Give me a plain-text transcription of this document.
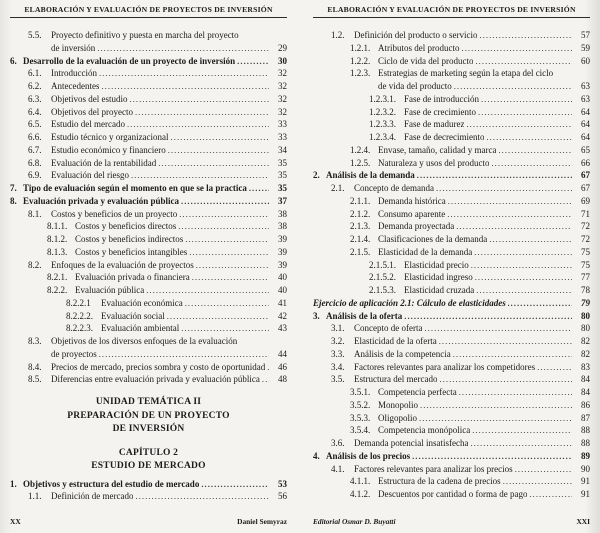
ELABORACIÓN Y EVALUACIÓN DE PROYECTOS DE INVERSIÓN
5.5.	Proyecto definitivo y puesta en marcha del proyecto
de inversión .....	29
6. Desarrollo de la evaluación de un proyecto de inversión .....	30
6.1.	Introducción .....	32
6.2.	Antecedentes .....	32
6.3.	Objetivos del estudio .....	32
6.4.	Objetivos del proyecto .....	32
6.5.	Estudio del mercado .....	33
6.6.	Estudio técnico y organizacional .....	33
6.7.	Estudio económico y financiero .....	34
6.8.	Evaluación de la rentabilidad .....	35
6.9.	Evaluación del riesgo .....	35
7. Tipo de evaluación según el momento en que se la practica .....	35
8. Evaluación privada y evaluación pública .....	37
8.1.	Costos y beneficios de un proyecto .....	38
8.1.1. Costos y beneficios directos .....	38
8.1.2. Costos y beneficios indirectos .....	39
8.1.3. Costos y beneficios intangibles .....	39
8.2.	Enfoques de la evaluación de proyectos .....	39
8.2.1. Evaluación privada o financiera .....	40
8.2.2. Evaluación pública .....	40
8.2.2.1	Evaluación económica .....	41
8.2.2.2. Evaluación social .....	42
8.2.2.3. Evaluación ambiental .....	43
8.3.	Objetivos de los diversos enfoques de la evaluación
de proyectos .....	44
8.4.	Precios de mercado, precios sombra y costo de oportunidad .....	46
8.5.	Diferencias entre evaluación privada y evaluación pública .....	48
XX	Daniel Semyraz
UNIDAD TEMÁTICA II
PREPARACIÓN DE UN PROYECTO
DE INVERSIÓN
CAPÍTULO 2
ESTUDIO DE MERCADO
1. Objetivos y estructura del estudio de mercado .....	53
1.1.	Definición de mercado .....	56
ELABORACIÓN Y EVALUACIÓN DE PROYECTOS DE INVERSIÓN
1.2.	Definición del producto o servicio .....	57
1.2.1. Atributos del producto .....	59
1.2.2. Ciclo de vida del producto .....	60
1.2.3. Estrategias de marketing según la etapa del ciclo
de vida del producto .....	63
1.2.3.1. Fase de introducción .....	63
1.2.3.2. Fase de crecimiento .....	64
1.2.3.3. Fase de madurez .....	64
1.2.3.4. Fase de decrecimiento .....	64
1.2.4. Envase, tamaño, calidad y marca .....	65
1.2.5. Naturaleza y usos del producto .....	66
2. Análisis de la demanda .....	67
2.1.	Concepto de demanda .....	67
2.1.1. Demanda histórica .....	69
2.1.2. Consumo aparente .....	71
2.1.3. Demanda proyectada .....	72
2.1.4. Clasificaciones de la demanda .....	72
2.1.5. Elasticidad de la demanda .....	75
2.1.5.1. Elasticidad precio .....	75
2.1.5.2. Elasticidad ingreso .....	77
2.1.5.3. Elasticidad cruzada .....	78
Ejercicio de aplicación 2.1: Cálculo de elasticidades .....	79
3. Análisis de la oferta .....	80
3.1.	Concepto de oferta .....	80
3.2.	Elasticidad de la oferta .....	82
3.3.	Análisis de la competencia .....	82
3.4.	Factores relevantes para analizar los competidores .....	83
3.5.	Estructura del mercado .....	84
3.5.1. Competencia perfecta .....	84
3.5.2. Monopolio .....	86
3.5.3. Oligopolio .....	87
3.5.4. Competencia monópolica .....	88
3.6.	Demanda potencial insatisfecha .....	88
4. Análisis de los precios .....	89
4.1.	Factores relevantes para analizar los precios .....	90
4.1.1. Estructura de la cadena de precios .....	91
4.1.2. Descuentos por cantidad o forma de pago .....	91
Editorial Osmar D. Buyatti	XXI
